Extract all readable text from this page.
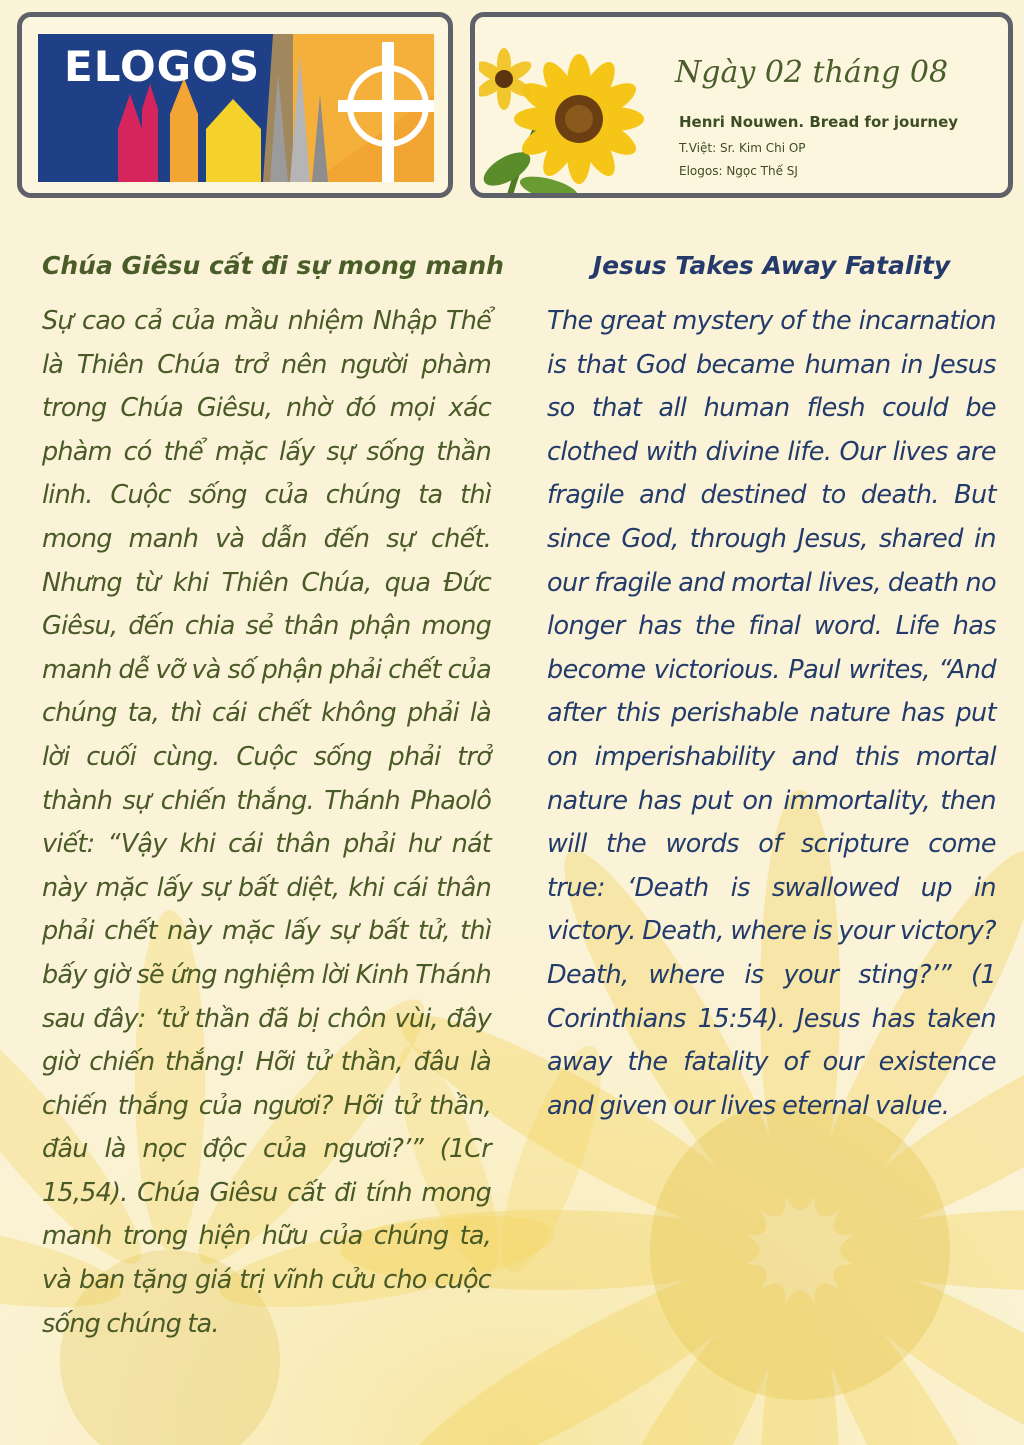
ELOGOS	Ngày 02 tháng 08
Henri Nouwen. Bread for journey
T.Việt: Sr. Kim Chi OP
Elogos: Ngọc Thế SJ
Chúa Giêsu cất đi sự mong manh

Sự cao cả của mầu nhiệm Nhập Thể là Thiên Chúa trở nên người phàm trong Chúa Giêsu, nhờ đó mọi xác phàm có thể mặc lấy sự sống thần linh. Cuộc sống của chúng ta thì mong manh và dẫn đến sự chết. Nhưng từ khi Thiên Chúa, qua Đức Giêsu, đến chia sẻ thân phận mong manh dễ vỡ và số phận phải chết của chúng ta, thì cái chết không phải là lời cuối cùng. Cuộc sống phải trở thành sự chiến thắng. Thánh Phaolô viết: “Vậy khi cái thân phải hư nát này mặc lấy sự bất diệt, khi cái thân phải chết này mặc lấy sự bất tử, thì bấy giờ sẽ ứng nghiệm lời Kinh Thánh sau đây: ‘tử thần đã bị chôn vùi, đây giờ chiến thắng! Hỡi tử thần, đâu là chiến thắng của ngươi? Hỡi tử thần, đâu là nọc độc của ngươi?’” (1Cr 15,54). Chúa Giêsu cất đi tính mong manh trong hiện hữu của chúng ta, và ban tặng giá trị vĩnh cửu cho cuộc sống chúng ta.

Jesus Takes Away Fatality

The great mystery of the incarnation is that God became human in Jesus so that all human flesh could be clothed with divine life. Our lives are fragile and destined to death. But since God, through Jesus, shared in our fragile and mortal lives, death no longer has the final word. Life has become victorious. Paul writes, “And after this perishable nature has put on imperishability and this mortal nature has put on immortality, then will the words of scripture come true: ‘Death is swallowed up in victory. Death, where is your victory? Death, where is your sting?’” (1 Corinthians 15:54). Jesus has taken away the fatality of our existence and given our lives eternal value.
